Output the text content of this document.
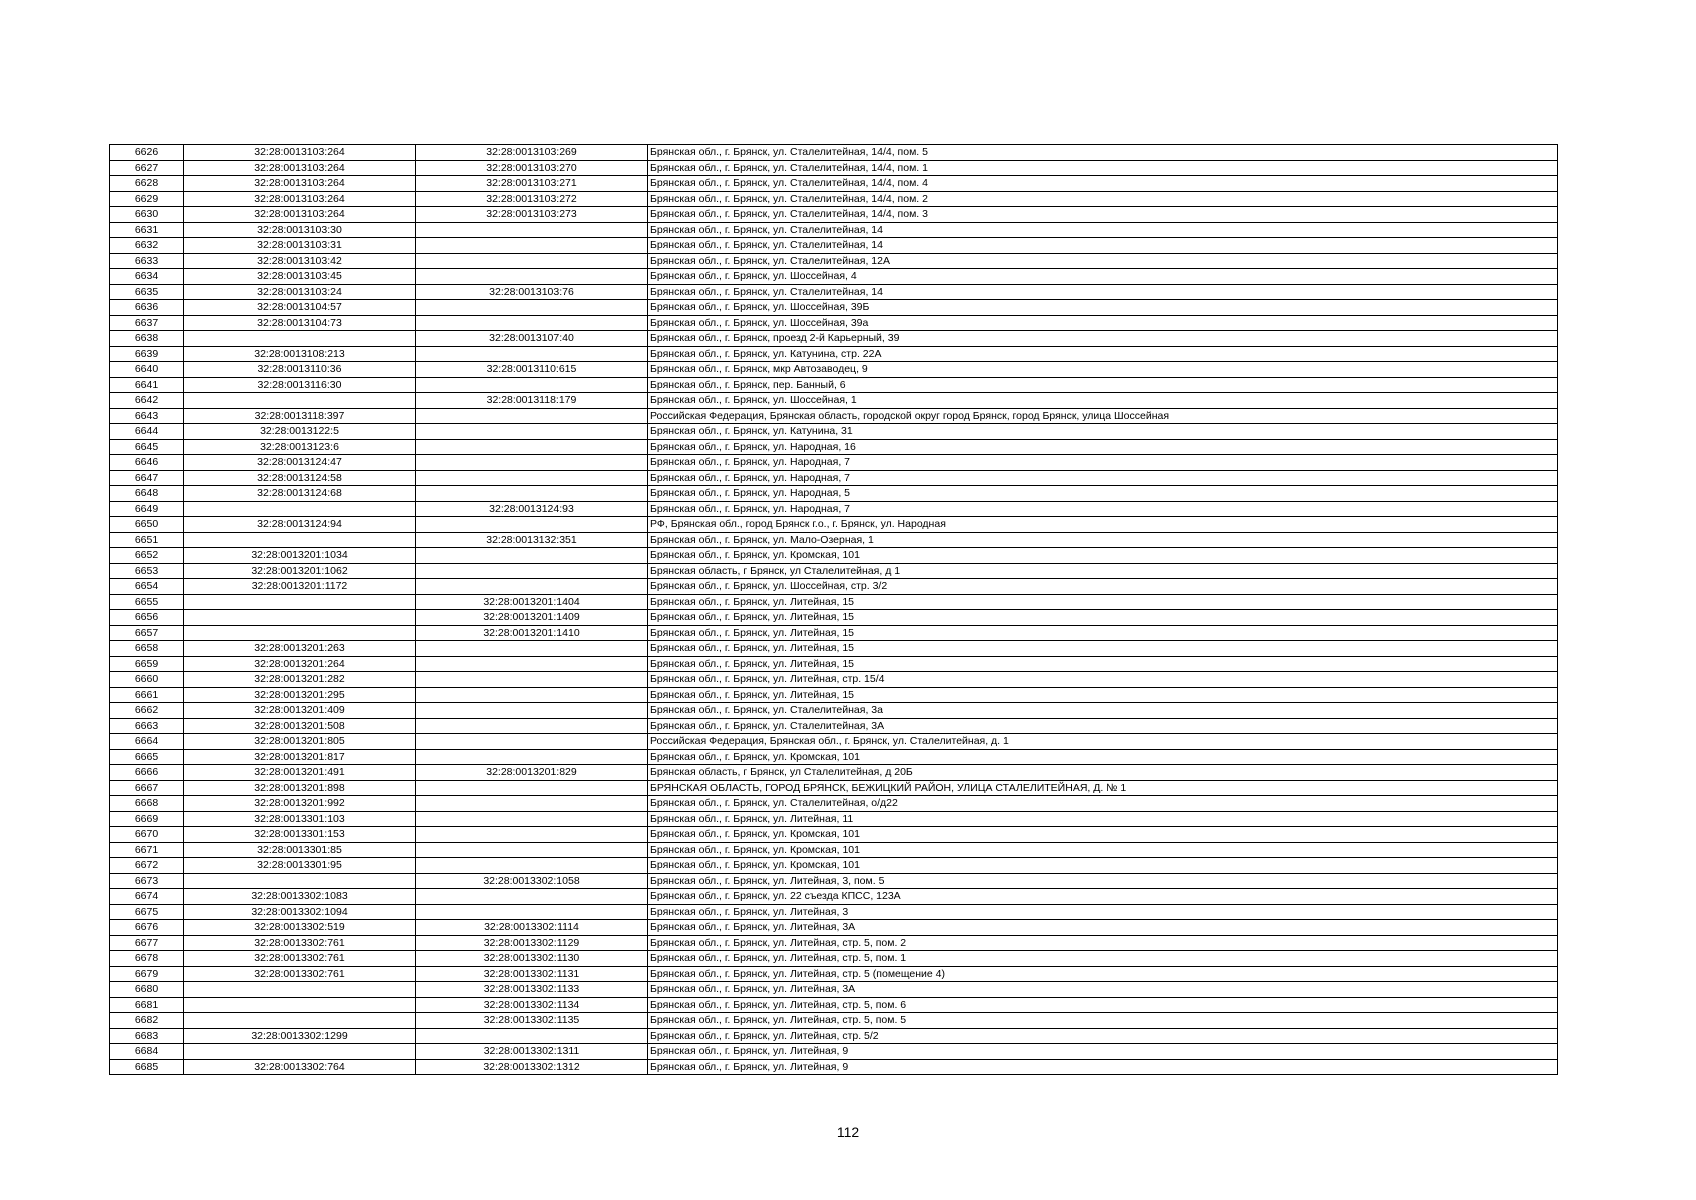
6626	32:28:0013103:264	32:28:0013103:269	Брянская обл., г. Брянск, ул. Сталелитейная, 14/4, пом. 5
6627	32:28:0013103:264	32:28:0013103:270	Брянская обл., г. Брянск, ул. Сталелитейная, 14/4, пом. 1
6628	32:28:0013103:264	32:28:0013103:271	Брянская обл., г. Брянск, ул. Сталелитейная, 14/4, пом. 4
6629	32:28:0013103:264	32:28:0013103:272	Брянская обл., г. Брянск, ул. Сталелитейная, 14/4, пом. 2
6630	32:28:0013103:264	32:28:0013103:273	Брянская обл., г. Брянск, ул. Сталелитейная, 14/4, пом. 3
6631	32:28:0013103:30		Брянская обл., г. Брянск, ул. Сталелитейная, 14
6632	32:28:0013103:31		Брянская обл., г. Брянск, ул. Сталелитейная, 14
6633	32:28:0013103:42		Брянская обл., г. Брянск, ул. Сталелитейная, 12А
6634	32:28:0013103:45		Брянская обл., г. Брянск, ул. Шоссейная, 4
6635	32:28:0013103:24	32:28:0013103:76	Брянская обл., г. Брянск, ул. Сталелитейная, 14
6636	32:28:0013104:57		Брянская обл., г. Брянск, ул. Шоссейная, 39Б
6637	32:28:0013104:73		Брянская обл., г. Брянск, ул. Шоссейная, 39а
6638		32:28:0013107:40	Брянская обл., г. Брянск, проезд 2-й Карьерный, 39
6639	32:28:0013108:213		Брянская обл., г. Брянск, ул. Катунина, стр. 22А
6640	32:28:0013110:36	32:28:0013110:615	Брянская обл., г. Брянск, мкр Автозаводец, 9
6641	32:28:0013116:30		Брянская обл., г. Брянск, пер. Банный, 6
6642		32:28:0013118:179	Брянская обл., г. Брянск, ул. Шоссейная, 1
6643	32:28:0013118:397		Российская Федерация, Брянская область, городской округ город Брянск, город Брянск, улица Шоссейная
6644	32:28:0013122:5		Брянская обл., г. Брянск, ул. Катунина, 31
6645	32:28:0013123:6		Брянская обл., г. Брянск, ул. Народная, 16
6646	32:28:0013124:47		Брянская обл., г. Брянск, ул. Народная, 7
6647	32:28:0013124:58		Брянская обл., г. Брянск, ул. Народная, 7
6648	32:28:0013124:68		Брянская обл., г. Брянск, ул. Народная, 5
6649		32:28:0013124:93	Брянская обл., г. Брянск, ул. Народная, 7
6650	32:28:0013124:94		РФ, Брянская обл., город Брянск г.о., г. Брянск, ул. Народная
6651		32:28:0013132:351	Брянская обл., г. Брянск, ул. Мало-Озерная, 1
6652	32:28:0013201:1034		Брянская обл., г. Брянск, ул. Кромская, 101
6653	32:28:0013201:1062		Брянская область, г Брянск, ул Сталелитейная, д 1
6654	32:28:0013201:1172		Брянская обл., г. Брянск, ул. Шоссейная, стр. 3/2
6655		32:28:0013201:1404	Брянская обл., г. Брянск, ул. Литейная, 15
6656		32:28:0013201:1409	Брянская обл., г. Брянск, ул. Литейная, 15
6657		32:28:0013201:1410	Брянская обл., г. Брянск, ул. Литейная, 15
6658	32:28:0013201:263		Брянская обл., г. Брянск, ул. Литейная, 15
6659	32:28:0013201:264		Брянская обл., г. Брянск, ул. Литейная, 15
6660	32:28:0013201:282		Брянская обл., г. Брянск, ул. Литейная, стр. 15/4
6661	32:28:0013201:295		Брянская обл., г. Брянск, ул. Литейная, 15
6662	32:28:0013201:409		Брянская обл., г. Брянск, ул. Сталелитейная, 3а
6663	32:28:0013201:508		Брянская обл., г. Брянск, ул. Сталелитейная, 3А
6664	32:28:0013201:805		Российская Федерация, Брянская обл., г. Брянск, ул. Сталелитейная, д. 1
6665	32:28:0013201:817		Брянская обл., г. Брянск, ул. Кромская, 101
6666	32:28:0013201:491	32:28:0013201:829	Брянская область, г Брянск, ул Сталелитейная, д 20Б
6667	32:28:0013201:898		БРЯНСКАЯ ОБЛАСТЬ, ГОРОД БРЯНСК, БЕЖИЦКИЙ РАЙОН, УЛИЦА СТАЛЕЛИТЕЙНАЯ, Д. № 1
6668	32:28:0013201:992		Брянская обл., г. Брянск, ул. Сталелитейная, о/д22
6669	32:28:0013301:103		Брянская обл., г. Брянск, ул. Литейная, 11
6670	32:28:0013301:153		Брянская обл., г. Брянск, ул. Кромская, 101
6671	32:28:0013301:85		Брянская обл., г. Брянск, ул. Кромская, 101
6672	32:28:0013301:95		Брянская обл., г. Брянск, ул. Кромская, 101
6673		32:28:0013302:1058	Брянская обл., г. Брянск, ул. Литейная, 3, пом. 5
6674	32:28:0013302:1083		Брянская обл., г. Брянск, ул. 22 съезда КПСС, 123А
6675	32:28:0013302:1094		Брянская обл., г. Брянск, ул. Литейная, 3
6676	32:28:0013302:519	32:28:0013302:1114	Брянская обл., г. Брянск, ул. Литейная, 3А
6677	32:28:0013302:761	32:28:0013302:1129	Брянская обл., г. Брянск, ул. Литейная, стр. 5, пом. 2
6678	32:28:0013302:761	32:28:0013302:1130	Брянская обл., г. Брянск, ул. Литейная, стр. 5, пом. 1
6679	32:28:0013302:761	32:28:0013302:1131	Брянская обл., г. Брянск, ул. Литейная, стр. 5 (помещение 4)
6680		32:28:0013302:1133	Брянская обл., г. Брянск, ул. Литейная, 3А
6681		32:28:0013302:1134	Брянская обл., г. Брянск, ул. Литейная, стр. 5, пом. 6
6682		32:28:0013302:1135	Брянская обл., г. Брянск, ул. Литейная, стр. 5, пом. 5
6683	32:28:0013302:1299		Брянская обл., г. Брянск, ул. Литейная, стр. 5/2
6684		32:28:0013302:1311	Брянская обл., г. Брянск, ул. Литейная, 9
6685	32:28:0013302:764	32:28:0013302:1312	Брянская обл., г. Брянск, ул. Литейная, 9
112
